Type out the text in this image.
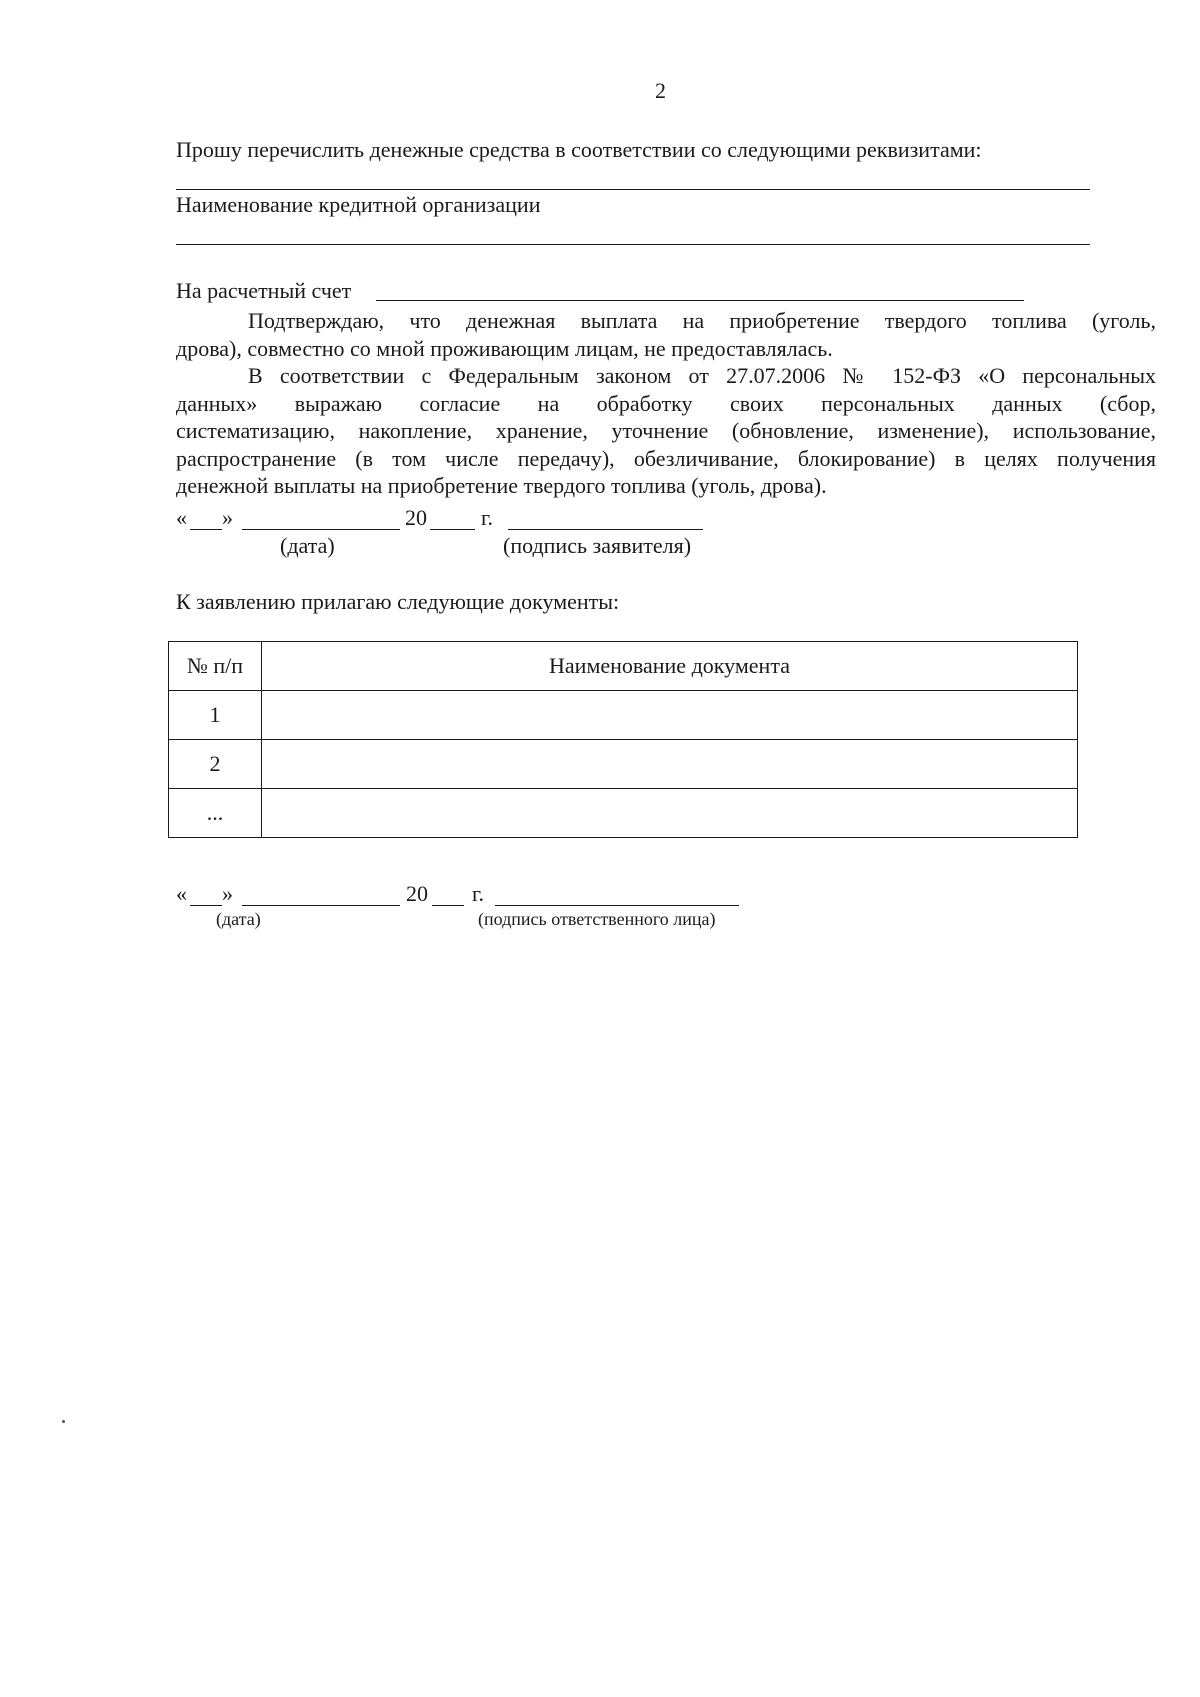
2
Прошу перечислить денежные средства в соответствии со следующими реквизитами:
Наименование кредитной организации
На расчетный счет
Подтверждаю, что денежная выплата на приобретение твердого топлива (уголь,
дрова), совместно со мной проживающим лицам, не предоставлялась.
В соответствии с Федеральным законом от 27.07.2006 № 152-ФЗ «О персональных
данных» выражаю согласие на обработку своих персональных данных (сбор,
систематизацию, накопление, хранение, уточнение (обновление, изменение), использование,
распространение (в том числе передачу), обезличивание, блокирование) в целях получения
денежной выплаты на приобретение твердого топлива (уголь, дрова).
« »	20 г.
(дата)	(подпись заявителя)
К заявлению прилагаю следующие документы:
№ п/п	Наименование документа
1	
2	
...	
« »	20 г.
(дата)	(подпись ответственного лица)
